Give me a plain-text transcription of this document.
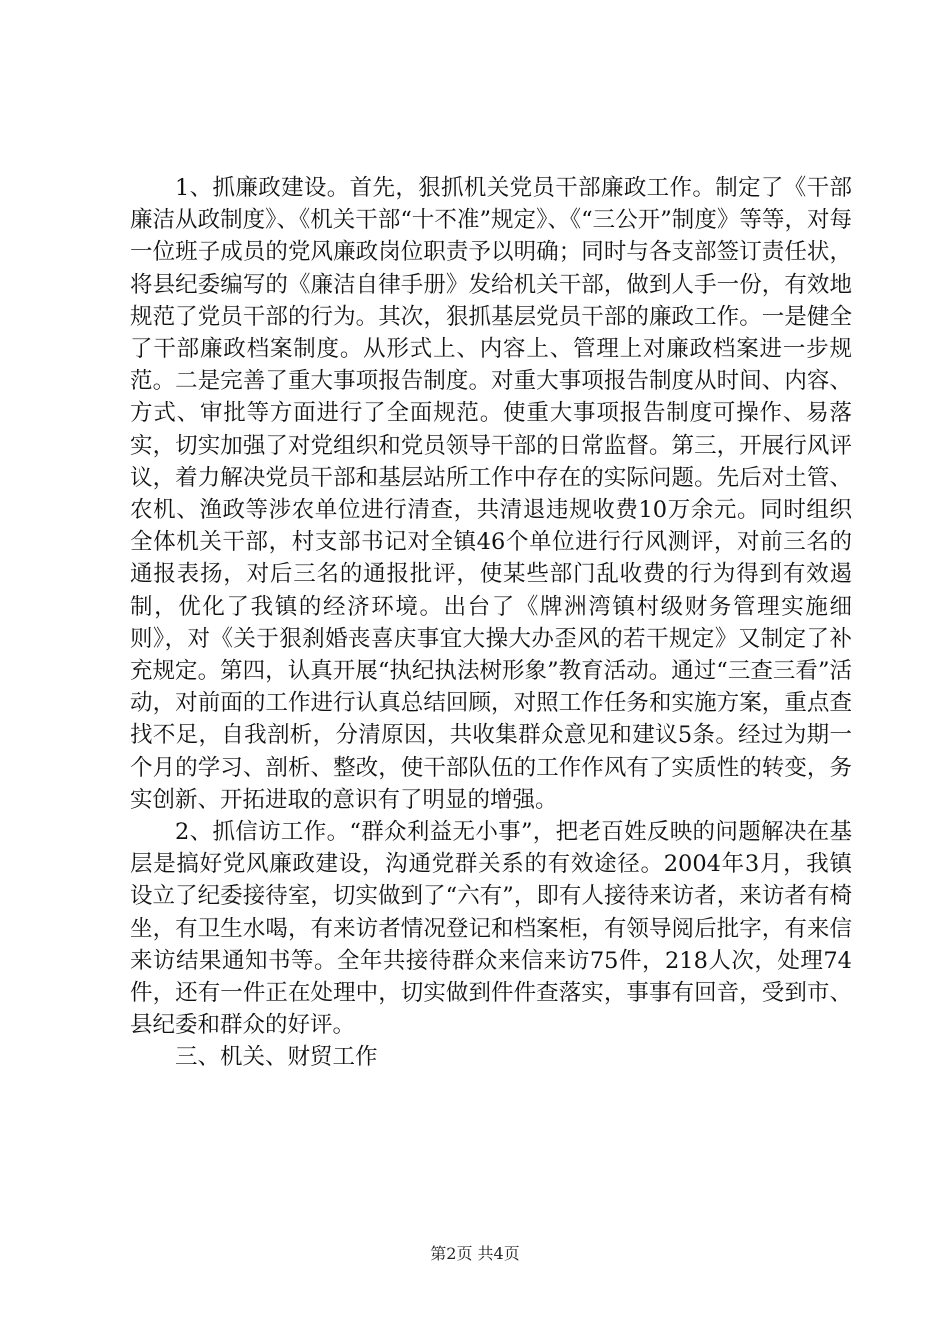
1、抓廉政建设。首先，狠抓机关党员干部廉政工作。制定了《干部廉洁从政制度》、《机关干部“十不准”规定》、《“三公开”制度》等等，对每一位班子成员的党风廉政岗位职责予以明确；同时与各支部签订责任状，将县纪委编写的《廉洁自律手册》发给机关干部，做到人手一份，有效地规范了党员干部的行为。其次，狠抓基层党员干部的廉政工作。一是健全了干部廉政档案制度。从形式上、内容上、管理上对廉政档案进一步规范。二是完善了重大事项报告制度。对重大事项报告制度从时间、内容、方式、审批等方面进行了全面规范。使重大事项报告制度可操作、易落实，切实加强了对党组织和党员领导干部的日常监督。第三，开展行风评议，着力解决党员干部和基层站所工作中存在的实际问题。先后对土管、农机、渔政等涉农单位进行清查，共清退违规收费10万余元。同时组织全体机关干部，村支部书记对全镇46个单位进行行风测评，对前三名的通报表扬，对后三名的通报批评，使某些部门乱收费的行为得到有效遏制，优化了我镇的经济环境。出台了《牌洲湾镇村级财务管理实施细则》，对《关于狠刹婚丧喜庆事宜大操大办歪风的若干规定》又制定了补充规定。第四，认真开展“执纪执法树形象”教育活动。通过“三查三看”活动，对前面的工作进行认真总结回顾，对照工作任务和实施方案，重点查找不足，自我剖析，分清原因，共收集群众意见和建议5条。经过为期一个月的学习、剖析、整改，使干部队伍的工作作风有了实质性的转变，务实创新、开拓进取的意识有了明显的增强。

2、抓信访工作。“群众利益无小事”，把老百姓反映的问题解决在基层是搞好党风廉政建设，沟通党群关系的有效途径。2004年3月，我镇设立了纪委接待室，切实做到了“六有”，即有人接待来访者，来访者有椅坐，有卫生水喝，有来访者情况登记和档案柜，有领导阅后批字，有来信来访结果通知书等。全年共接待群众来信来访75件，218人次，处理74件，还有一件正在处理中，切实做到件件查落实，事事有回音，受到市、县纪委和群众的好评。

三、机关、财贸工作

第2页 共4页
